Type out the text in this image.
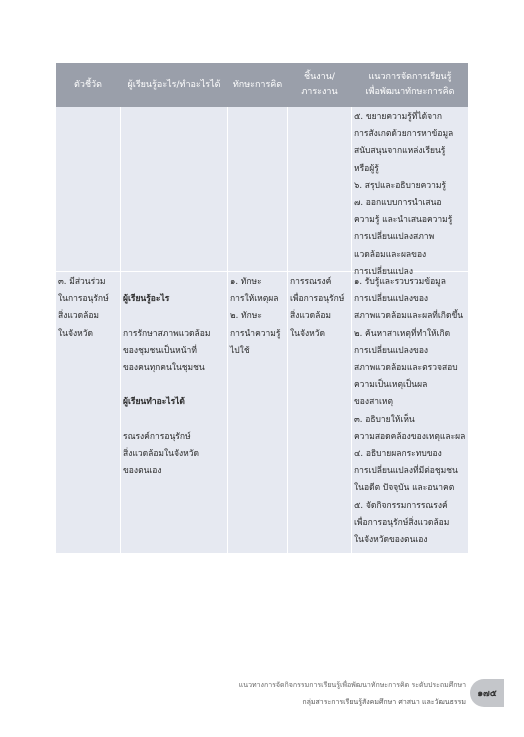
ตัวชี้วัด	ผู้เรียนรู้อะไร/ทำอะไรได้	ทักษะการคิด
ชิ้นงาน/
ภาระงาน
แนวการจัดการเรียนรู้
เพื่อพัฒนาทักษะการคิด
๕. ขยายความรู้ที่ได้จาก
การสังเกตด้วยการหาข้อมูล
สนับสนุนจากแหล่งเรียนรู้
หรือผู้รู้
๖. สรุปและอธิบายความรู้
๗. ออกแบบการนำเสนอ
ความรู้ และนำเสนอความรู้
การเปลี่ยนแปลงสภาพ
แวดล้อมและผลของ
การเปลี่ยนแปลง
๓. มีส่วนร่วม
ในการอนุรักษ์
สิ่งแวดล้อม
ในจังหวัด

ผู้เรียนรู้อะไร

การรักษาสภาพแวดล้อม
ของชุมชนเป็นหน้าที่
ของคนทุกคนในชุมชน

ผู้เรียนทำอะไรได้

รณรงค์การอนุรักษ์
สิ่งแวดล้อมในจังหวัด
ของตนเอง

๑. ทักษะ
การให้เหตุผล
๒. ทักษะ
การนำความรู้
ไปใช้
การรณรงค์
เพื่อการอนุรักษ์
สิ่งแวดล้อม
ในจังหวัด
๑. รับรู้และรวบรวมข้อมูล
การเปลี่ยนแปลงของ
สภาพแวดล้อมและผลที่เกิดขึ้น
๒. ค้นหาสาเหตุที่ทำให้เกิด
การเปลี่ยนแปลงของ
สภาพแวดล้อมและตรวจสอบ
ความเป็นเหตุเป็นผล
ของสาเหตุ
๓. อธิบายให้เห็น
ความสอดคล้องของเหตุและผล
๔. อธิบายผลกระทบของ
การเปลี่ยนแปลงที่มีต่อชุมชน
ในอดีต ปัจจุบัน และอนาคต
๕. จัดกิจกรรมการรณรงค์
เพื่อการอนุรักษ์สิ่งแวดล้อม
ในจังหวัดของตนเอง
แนวทางการจัดกิจกรรมการเรียนรู้เพื่อพัฒนาทักษะการคิด ระดับประถมศึกษา
กลุ่มสาระการเรียนรู้สังคมศึกษา ศาสนา และวัฒนธรรม
๑๗๕
